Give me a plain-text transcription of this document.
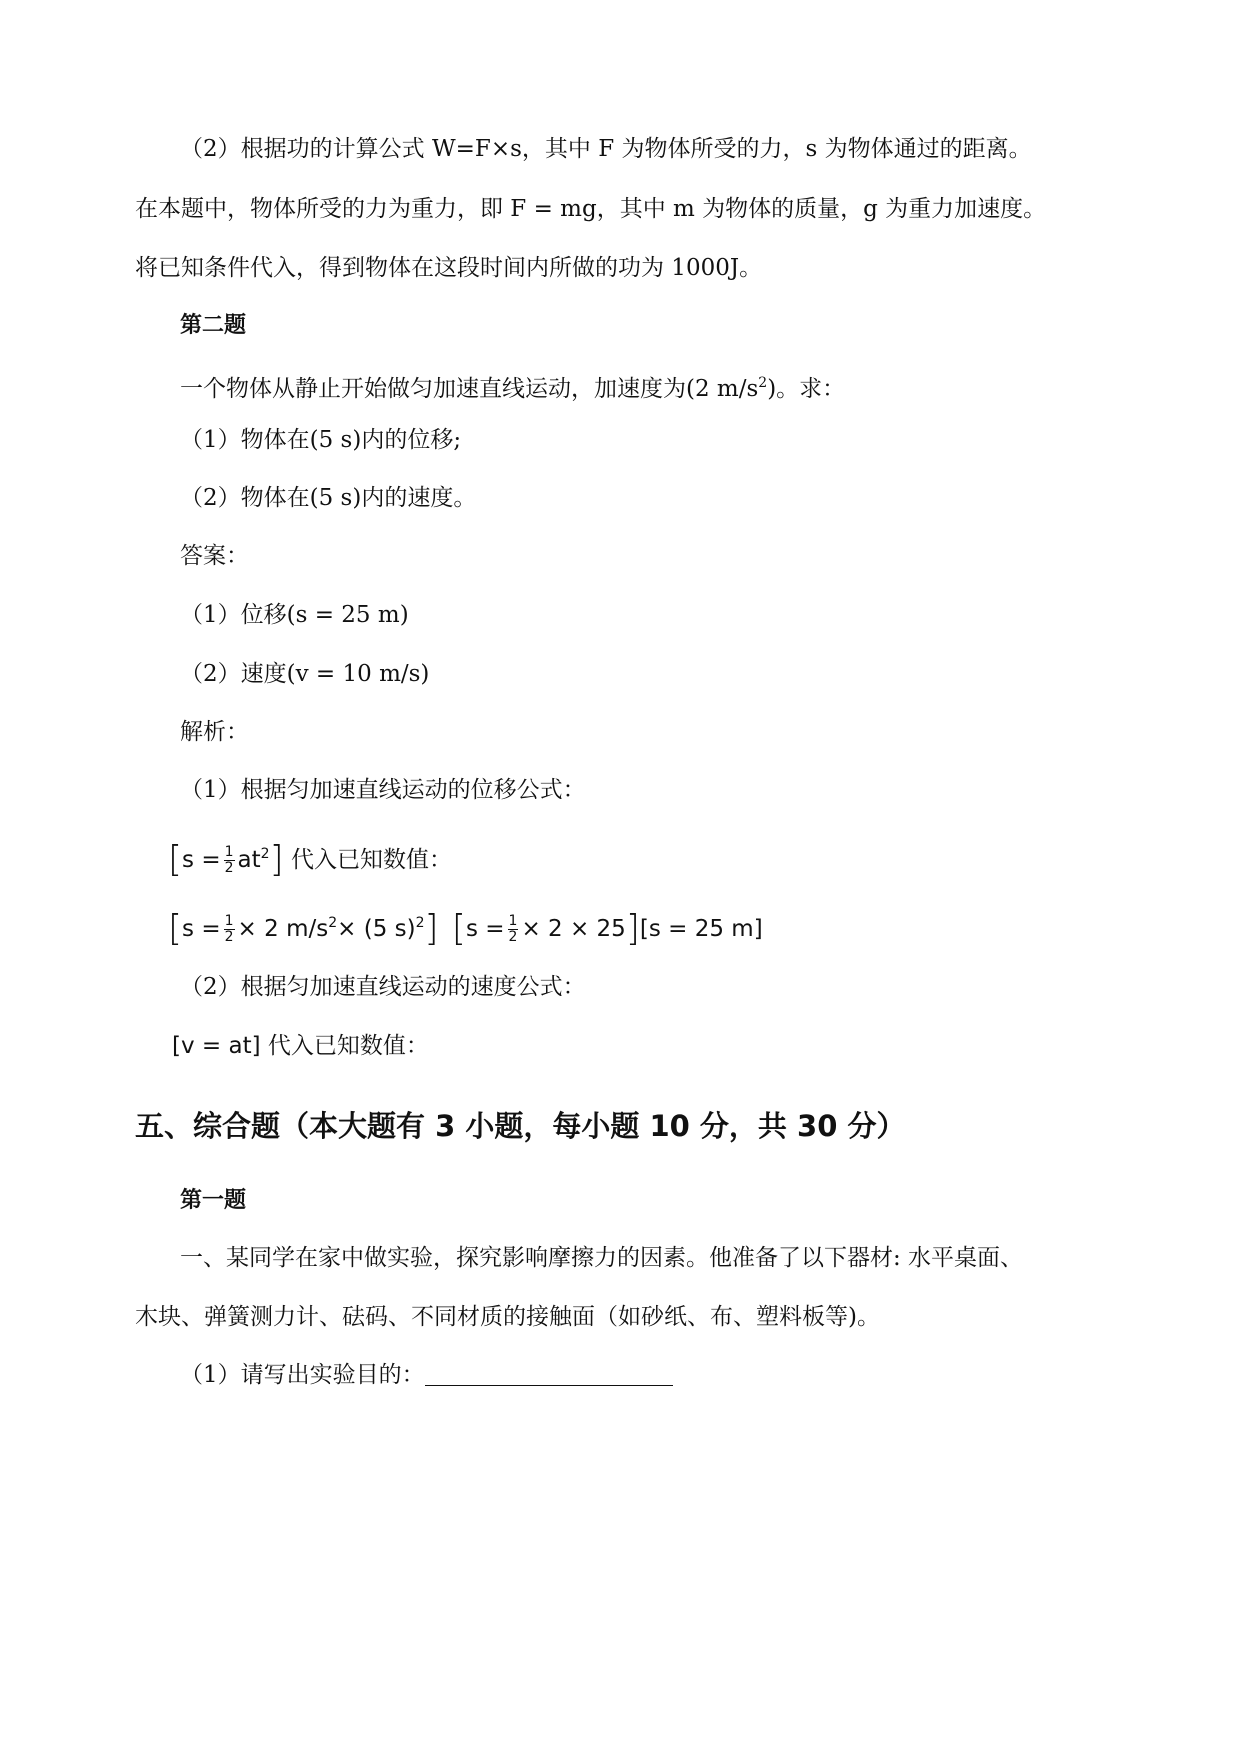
（2）根据功的计算公式 W=F×s，其中 F 为物体所受的力，s 为物体通过的距离。
在本题中，物体所受的力为重力，即 F = mg，其中 m 为物体的质量，g 为重力加速度。
将已知条件代入，得到物体在这段时间内所做的功为 1000J。
第二题
一个物体从静止开始做匀加速直线运动，加速度为(2 $m/s^2$)。求：
（1）物体在(5 s)内的位移;
（2）物体在(5 s)内的速度。
答案：
（1）位移(s = 25 m)
（2）速度(v = 10 m/s)
解析：
（1）根据匀加速直线运动的位移公式：
$[s = \frac{1}{2} at^2]$ 代入已知数值：
[$s = \frac{1}{2} \times 2$ $m/s^2\times (5$ s)$^2$] $[s = \frac{1}{2} \times 2 \times 25][s = 25$ m]
（2）根据匀加速直线运动的速度公式：
[v = at] 代入已知数值：
五、综合题（本大题有 3 小题，每小题 10 分，共 30 分）
第一题
一、某同学在家中做实验，探究影响摩擦力的因素。他准备了以下器材: 水平桌面、
木块、弹簧测力计、砝码、不同材质的接触面（如砂纸、布、塑料板等)。
（1）请写出实验目的：
